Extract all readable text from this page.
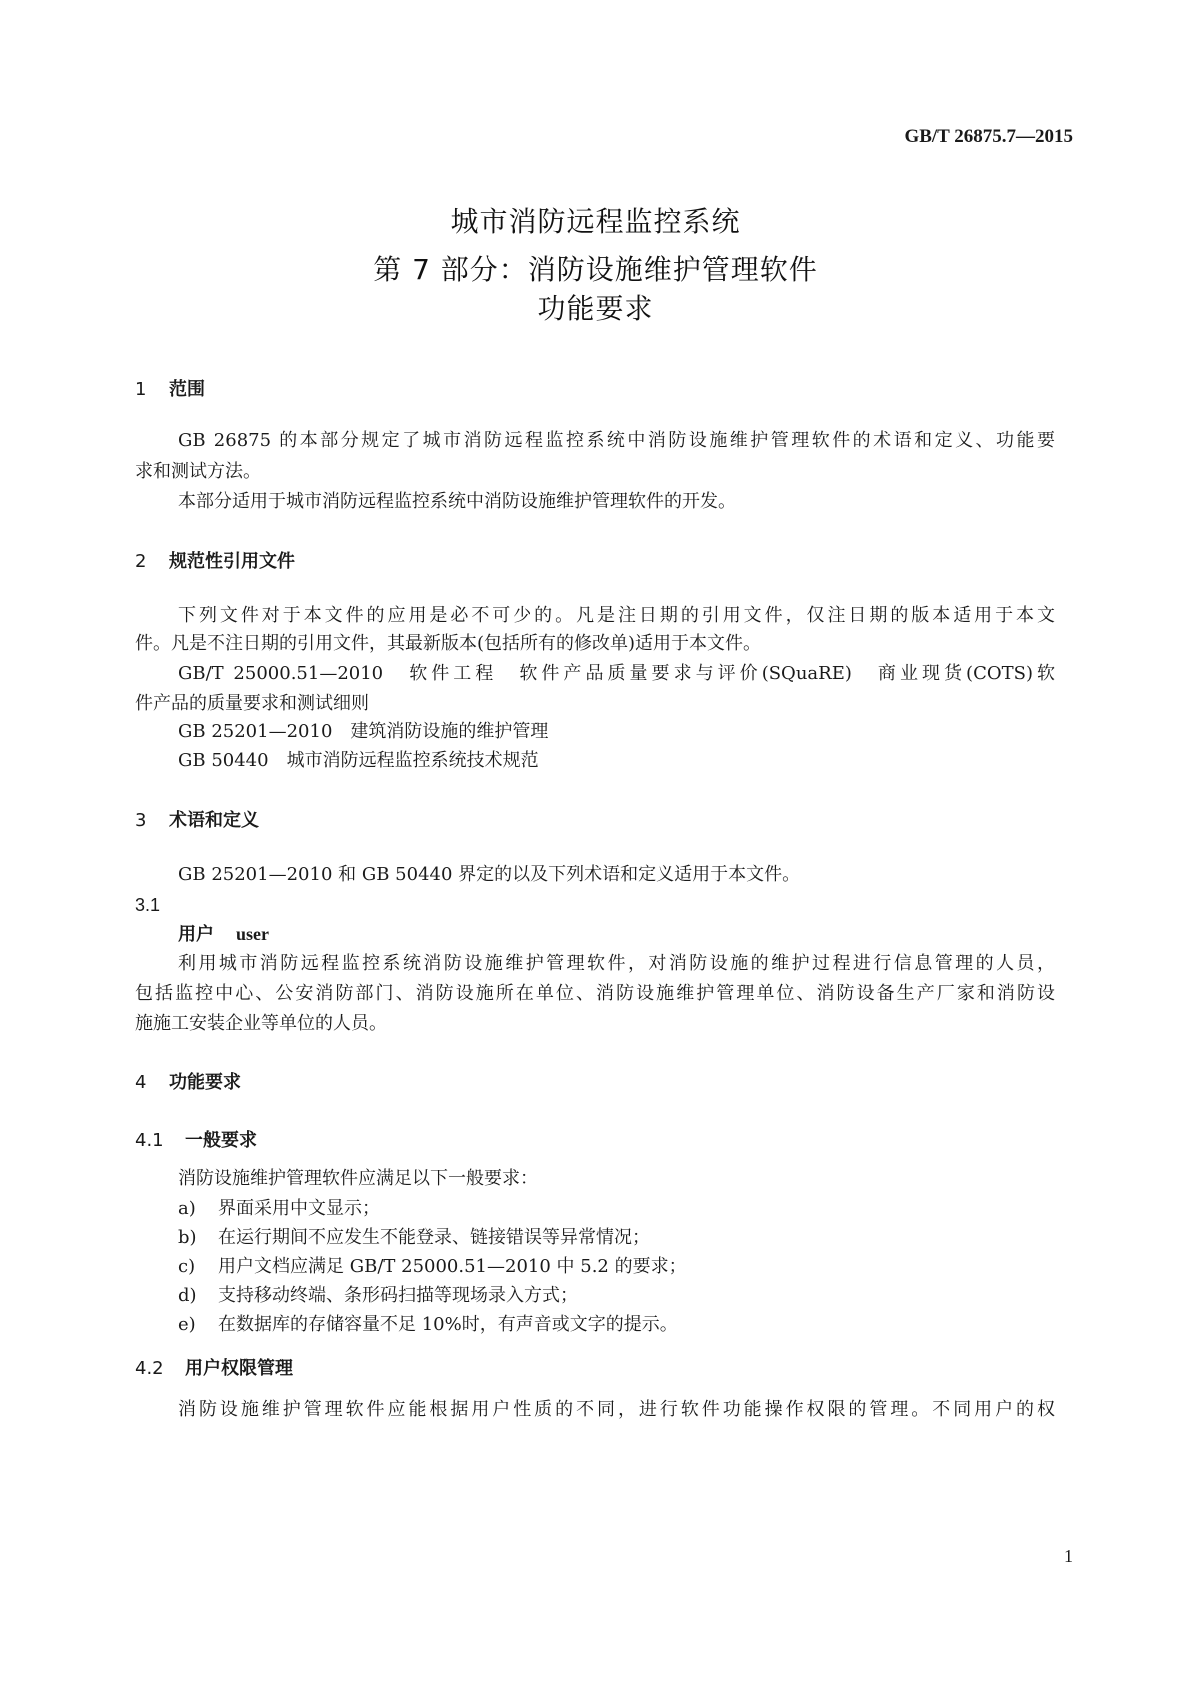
GB/T 26875.7—2015
城市消防远程监控系统
第 7 部分：消防设施维护管理软件
功能要求
1 范围
GB 26875 的本部分规定了城市消防远程监控系统中消防设施维护管理软件的术语和定义、功能要
求和测试方法。
本部分适用于城市消防远程监控系统中消防设施维护管理软件的开发。
2 规范性引用文件
下列文件对于本文件的应用是必不可少的。凡是注日期的引用文件，仅注日期的版本适用于本文
件。凡是不注日期的引用文件，其最新版本(包括所有的修改单)适用于本文件。
GB/T 25000.51—2010　软件工程　软件产品质量要求与评价(SQuaRE)　商业现货(COTS)软
件产品的质量要求和测试细则
GB 25201—2010　建筑消防设施的维护管理
GB 50440　城市消防远程监控系统技术规范
3 术语和定义
GB 25201—2010 和 GB 50440 界定的以及下列术语和定义适用于本文件。
3.1
用户 user
利用城市消防远程监控系统消防设施维护管理软件，对消防设施的维护过程进行信息管理的人员，
包括监控中心、公安消防部门、消防设施所在单位、消防设施维护管理单位、消防设备生产厂家和消防设
施施工安装企业等单位的人员。
4 功能要求
4.1 一般要求
消防设施维护管理软件应满足以下一般要求：
a) 界面采用中文显示；
b) 在运行期间不应发生不能登录、链接错误等异常情况；
c) 用户文档应满足 GB/T 25000.51—2010 中 5.2 的要求；
d) 支持移动终端、条形码扫描等现场录入方式；
e) 在数据库的存储容量不足 10%时，有声音或文字的提示。
4.2 用户权限管理
消防设施维护管理软件应能根据用户性质的不同，进行软件功能操作权限的管理。不同用户的权
1
